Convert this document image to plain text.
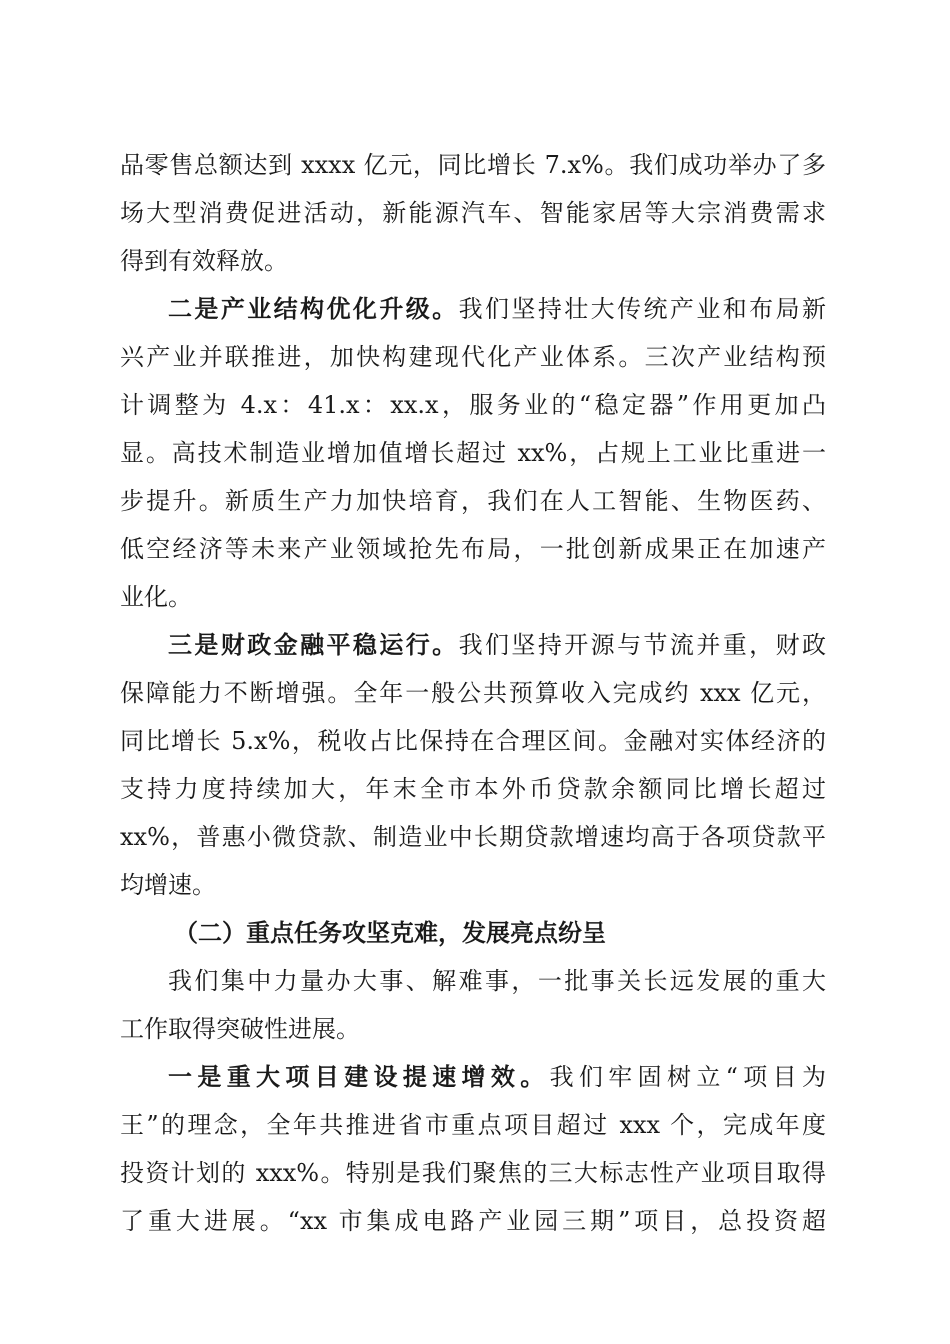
品零售总额达到 xxxx 亿元，同比增长 7.x%。我们成功举办了多
场大型消费促进活动，新能源汽车、智能家居等大宗消费需求
得到有效释放。
二是产业结构优化升级。我们坚持壮大传统产业和布局新
兴产业并联推进，加快构建现代化产业体系。三次产业结构预
计调整为 4.x：41.x：xx.x，服务业的“稳定器”作用更加凸
显。高技术制造业增加值增长超过 xx%，占规上工业比重进一
步提升。新质生产力加快培育，我们在人工智能、生物医药、
低空经济等未来产业领域抢先布局，一批创新成果正在加速产
业化。
三是财政金融平稳运行。我们坚持开源与节流并重，财政
保障能力不断增强。全年一般公共预算收入完成约 xxx 亿元，
同比增长 5.x%，税收占比保持在合理区间。金融对实体经济的
支持力度持续加大，年末全市本外币贷款余额同比增长超过
xx%，普惠小微贷款、制造业中长期贷款增速均高于各项贷款平
均增速。
（二）重点任务攻坚克难，发展亮点纷呈
我们集中力量办大事、解难事，一批事关长远发展的重大
工作取得突破性进展。
一是重大项目建设提速增效。我们牢固树立“项目为
王”的理念，全年共推进省市重点项目超过 xxx 个，完成年度
投资计划的 xxx%。特别是我们聚焦的三大标志性产业项目取得
了重大进展。“xx 市集成电路产业园三期”项目，总投资超
